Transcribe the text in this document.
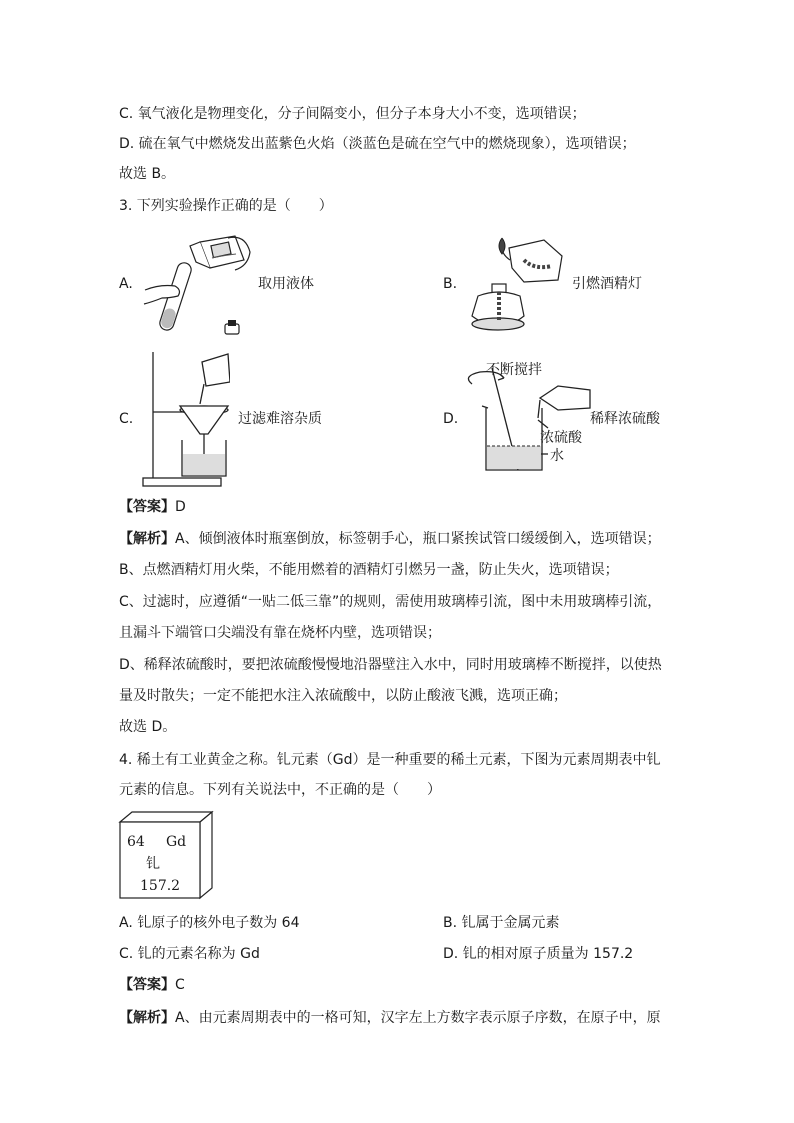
C. 氧气液化是物理变化，分子间隔变小，但分子本身大小不变，选项错误；
D. 硫在氧气中燃烧发出蓝紫色火焰（淡蓝色是硫在空气中的燃烧现象），选项错误；
故选 B。
3. 下列实验操作正确的是（　　）
A.	取用液体	B.	引燃酒精灯
C.	过滤难溶杂质	D.
不断搅拌
稀释浓硫酸
浓硫酸
水
【答案】D
【解析】A、倾倒液体时瓶塞倒放，标签朝手心，瓶口紧挨试管口缓缓倒入，选项错误；
B、点燃酒精灯用火柴，不能用燃着的酒精灯引燃另一盏，防止失火，选项错误；
C、过滤时，应遵循“一贴二低三靠”的规则，需使用玻璃棒引流，图中未用玻璃棒引流，
且漏斗下端管口尖端没有靠在烧杯内壁，选项错误；
D、稀释浓硫酸时，要把浓硫酸慢慢地沿器壁注入水中，同时用玻璃棒不断搅拌，以使热
量及时散失；一定不能把水注入浓硫酸中，以防止酸液飞溅，选项正确；
故选 D。
4. 稀土有工业黄金之称。钆元素（Gd）是一种重要的稀土元素，下图为元素周期表中钆
元素的信息。下列有关说法中，不正确的是（　　）
64 Gd
钆
157.2
A. 钆原子的核外电子数为 64	B. 钆属于金属元素
C. 钆的元素名称为 Gd	D. 钆的相对原子质量为 157.2
【答案】C
【解析】A、由元素周期表中的一格可知，汉字左上方数字表示原子序数，在原子中，原
